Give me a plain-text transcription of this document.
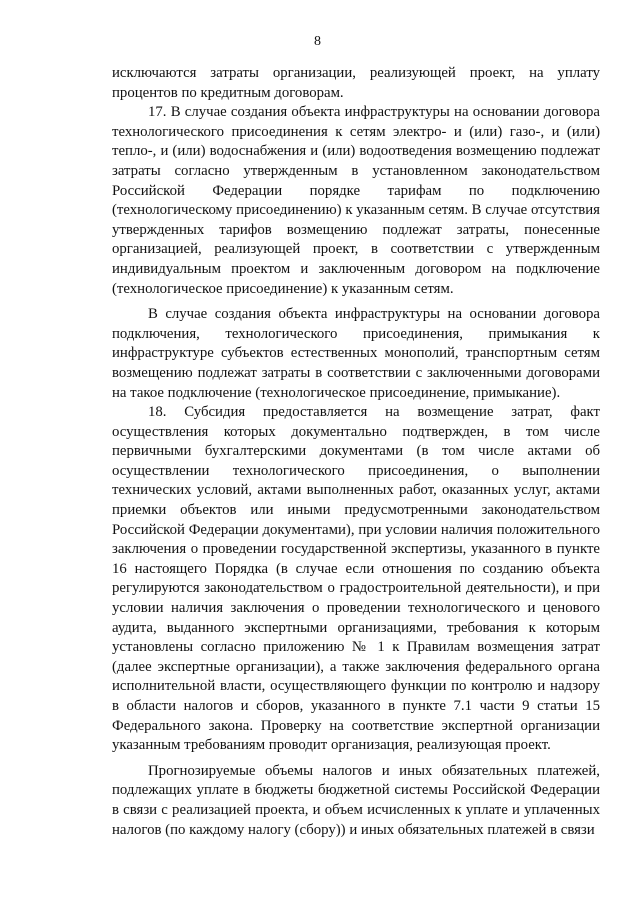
8

исключаются затраты организации, реализующей проект, на уплату процентов по кредитным договорам.

17. В случае создания объекта инфраструктуры на основании договора технологического присоединения к сетям электро- и (или) газо-, и (или) тепло-, и (или) водоснабжения и (или) водоотведения возмещению подлежат затраты согласно утвержденным в установленном законодательством Российской Федерации порядке тарифам по подключению (технологическому присоединению) к указанным сетям. В случае отсутствия утвержденных тарифов возмещению подлежат затраты, понесенные организацией, реализующей проект, в соответствии с утвержденным индивидуальным проектом и заключенным договором на подключение (технологическое присоединение) к указанным сетям.

В случае создания объекта инфраструктуры на основании договора подключения, технологического присоединения, примыкания к инфраструктуре субъектов естественных монополий, транспортным сетям возмещению подлежат затраты в соответствии с заключенными договорами на такое подключение (технологическое присоединение, примыкание).

18. Субсидия предоставляется на возмещение затрат, факт осуществления которых документально подтвержден, в том числе первичными бухгалтерскими документами (в том числе актами об осуществлении технологического присоединения, о выполнении технических условий, актами выполненных работ, оказанных услуг, актами приемки объектов или иными предусмотренными законодательством Российской Федерации документами), при условии наличия положительного заключения о проведении государственной экспертизы, указанного в пункте 16 настоящего Порядка (в случае если отношения по созданию объекта регулируются законодательством о градостроительной деятельности), и при условии наличия заключения о проведении технологического и ценового аудита, выданного экспертными организациями, требования к которым установлены согласно приложению № 1 к Правилам возмещения затрат (далее экспертные организации), а также заключения федерального органа исполнительной власти, осуществляющего функции по контролю и надзору в области налогов и сборов, указанного в пункте 7.1 части 9 статьи 15 Федерального закона. Проверку на соответствие экспертной организации указанным требованиям проводит организация, реализующая проект.

Прогнозируемые объемы налогов и иных обязательных платежей, подлежащих уплате в бюджеты бюджетной системы Российской Федерации в связи с реализацией проекта, и объем исчисленных к уплате и уплаченных налогов (по каждому налогу (сбору)) и иных обязательных платежей в связи
